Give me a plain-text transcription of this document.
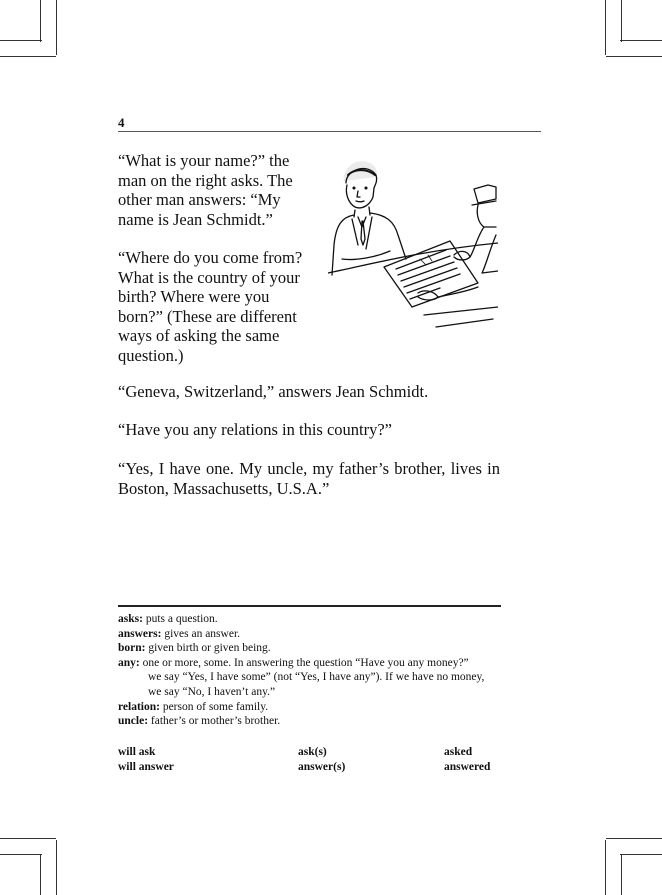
4

“What is your name?” the man on the right asks. The other man answers: “My name is Jean Schmidt.”

“Where do you come from? What is the country of your birth? Where were you born?” (These are different ways of asking the same question.)

“Geneva, Switzerland,” answers Jean Schmidt.

“Have you any relations in this country?”

“Yes, I have one. My uncle, my father’s brother, lives in Boston, Massachusetts, U.S.A.”

asks: puts a question.
answers: gives an answer.
born: given birth or given being.
any: one or more, some. In answering the question “Have you any money?”
we say “Yes, I have some” (not “Yes, I have any”). If we have no money,
we say “No, I haven’t any.”
relation: person of some family.
uncle: father’s or mother’s brother.
will ask	ask(s)	asked
will answer	answer(s)	answered
